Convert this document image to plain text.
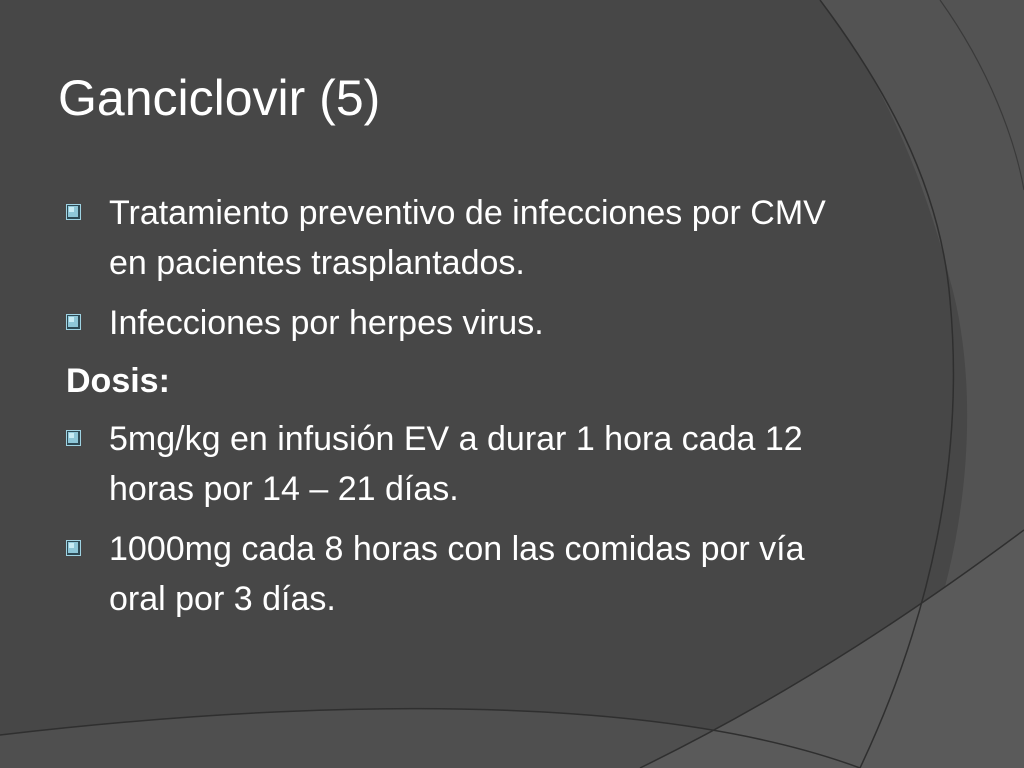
Ganciclovir (5)
Tratamiento preventivo de infecciones por CMV en pacientes trasplantados.
Infecciones por herpes virus.
Dosis:
5mg/kg en infusión EV a durar 1 hora cada 12 horas por 14 – 21 días.
1000mg cada 8 horas con las comidas por vía oral por 3 días.
